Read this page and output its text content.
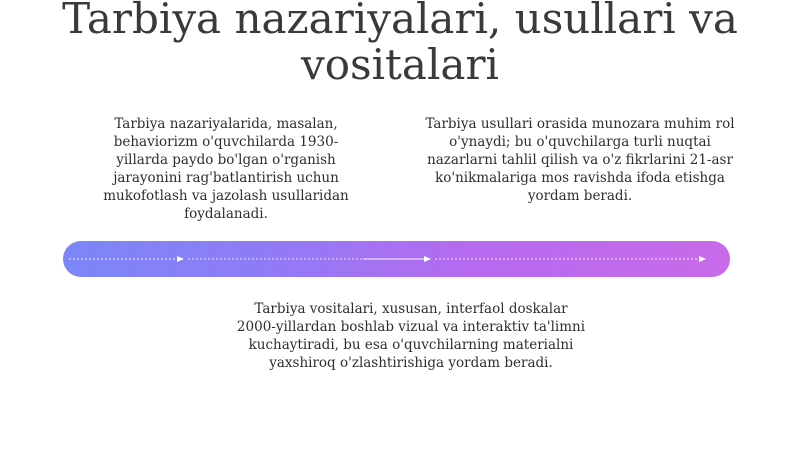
Tarbiya nazariyalari, usullari va vositalari
Tarbiya nazariyalarida, masalan, behaviorizm o'quvchilarda 1930-yillarda paydo bo'lgan o'rganish jarayonini rag'batlantirish uchun mukofotlash va jazolash usullaridan foydalanadi.
Tarbiya usullari orasida munozara muhim rol o'ynaydi; bu o'quvchilarga turli nuqtai nazarlarni tahlil qilish va o'z fikrlarini 21-asr ko'nikmalariga mos ravishda ifoda etishga yordam beradi.
Tarbiya vositalari, xususan, interfaol doskalar 2000-yillardan boshlab vizual va interaktiv ta'limni kuchaytiradi, bu esa o'quvchilarning materialni yaxshiroq o'zlashtirishiga yordam beradi.
